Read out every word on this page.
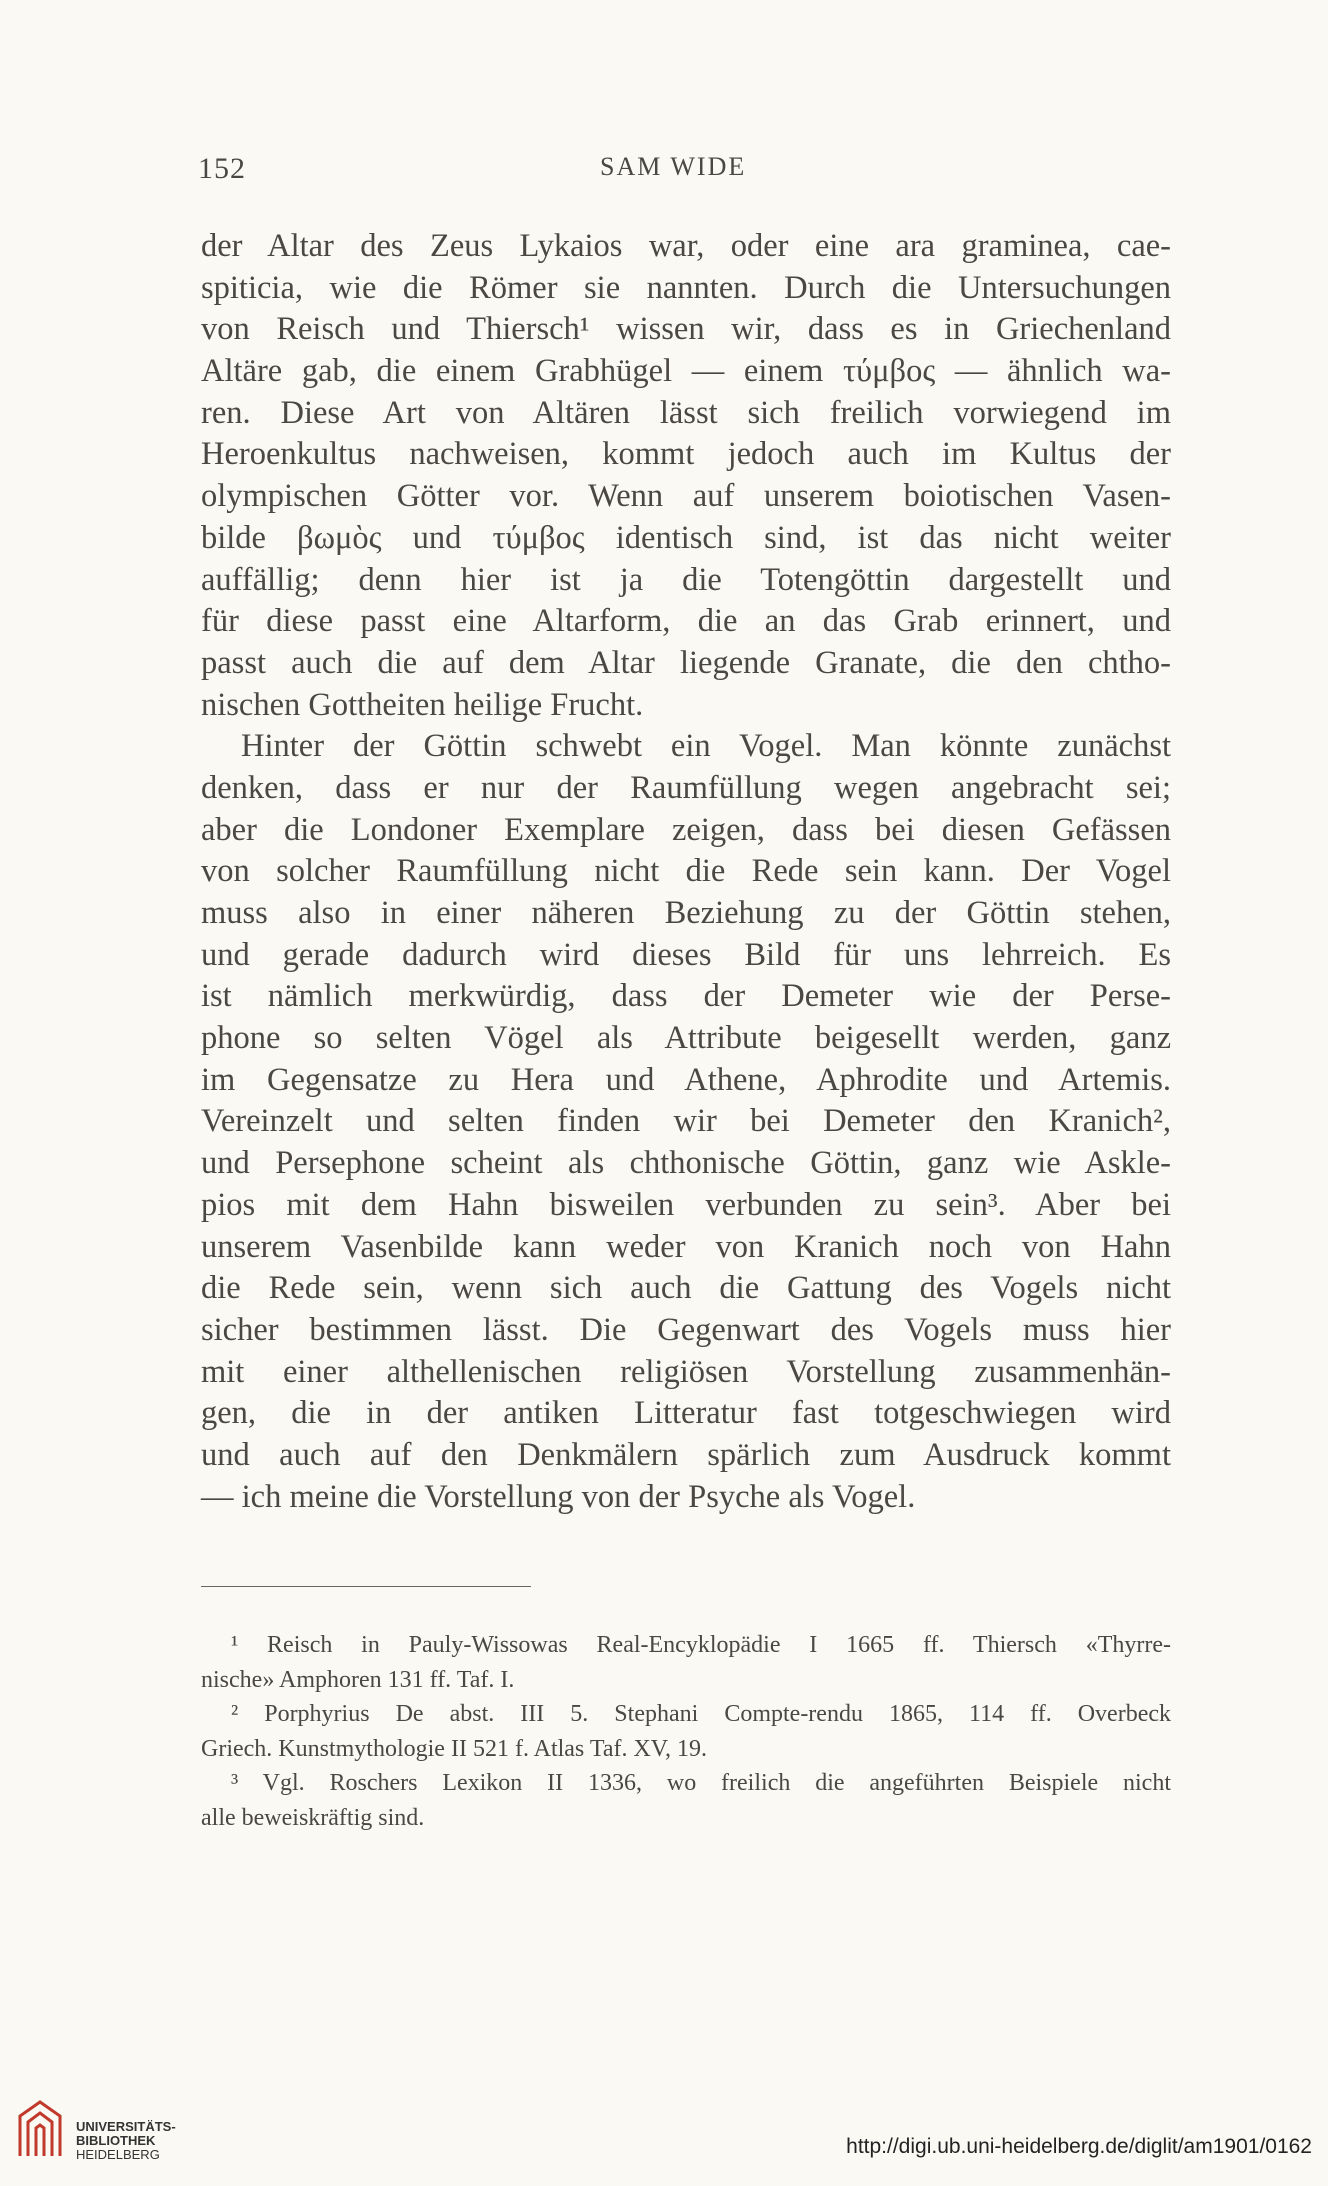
152	SAM WIDE
der Altar des Zeus Lykaios war, oder eine ara graminea, cae-
spiticia, wie die Römer sie nannten. Durch die Untersuchungen
von Reisch und Thiersch¹ wissen wir, dass es in Griechenland
Altäre gab, die einem Grabhügel — einem τύμβος — ähnlich wa-
ren. Diese Art von Altären lässt sich freilich vorwiegend im
Heroenkultus nachweisen, kommt jedoch auch im Kultus der
olympischen Götter vor. Wenn auf unserem boiotischen Vasen-
bilde βωμὸς und τύμβος identisch sind, ist das nicht weiter
auffällig; denn hier ist ja die Totengöttin dargestellt und
für diese passt eine Altarform, die an das Grab erinnert, und
passt auch die auf dem Altar liegende Granate, die den chtho-
nischen Gottheiten heilige Frucht.
Hinter der Göttin schwebt ein Vogel. Man könnte zunächst
denken, dass er nur der Raumfüllung wegen angebracht sei;
aber die Londoner Exemplare zeigen, dass bei diesen Gefässen
von solcher Raumfüllung nicht die Rede sein kann. Der Vogel
muss also in einer näheren Beziehung zu der Göttin stehen,
und gerade dadurch wird dieses Bild für uns lehrreich. Es
ist nämlich merkwürdig, dass der Demeter wie der Perse-
phone so selten Vögel als Attribute beigesellt werden, ganz
im Gegensatze zu Hera und Athene, Aphrodite und Artemis.
Vereinzelt und selten finden wir bei Demeter den Kranich²,
und Persephone scheint als chthonische Göttin, ganz wie Askle-
pios mit dem Hahn bisweilen verbunden zu sein³. Aber bei
unserem Vasenbilde kann weder von Kranich noch von Hahn
die Rede sein, wenn sich auch die Gattung des Vogels nicht
sicher bestimmen lässt. Die Gegenwart des Vogels muss hier
mit einer althellenischen religiösen Vorstellung zusammenhän-
gen, die in der antiken Litteratur fast totgeschwiegen wird
und auch auf den Denkmälern spärlich zum Ausdruck kommt
— ich meine die Vorstellung von der Psyche als Vogel.
¹ Reisch in Pauly-Wissowas Real-Encyklopädie I 1665 ff. Thiersch «Thyrre-
nische» Amphoren 131 ff. Taf. I.
² Porphyrius De abst. III 5. Stephani Compte-rendu 1865, 114 ff. Overbeck
Griech. Kunstmythologie II 521 f. Atlas Taf. XV, 19.
³ Vgl. Roschers Lexikon II 1336, wo freilich die angeführten Beispiele nicht
alle beweiskräftig sind.
UNIVERSITÄTS-
BIBLIOTHEK
HEIDELBERG	http://digi.ub.uni-heidelberg.de/diglit/am1901/0162
